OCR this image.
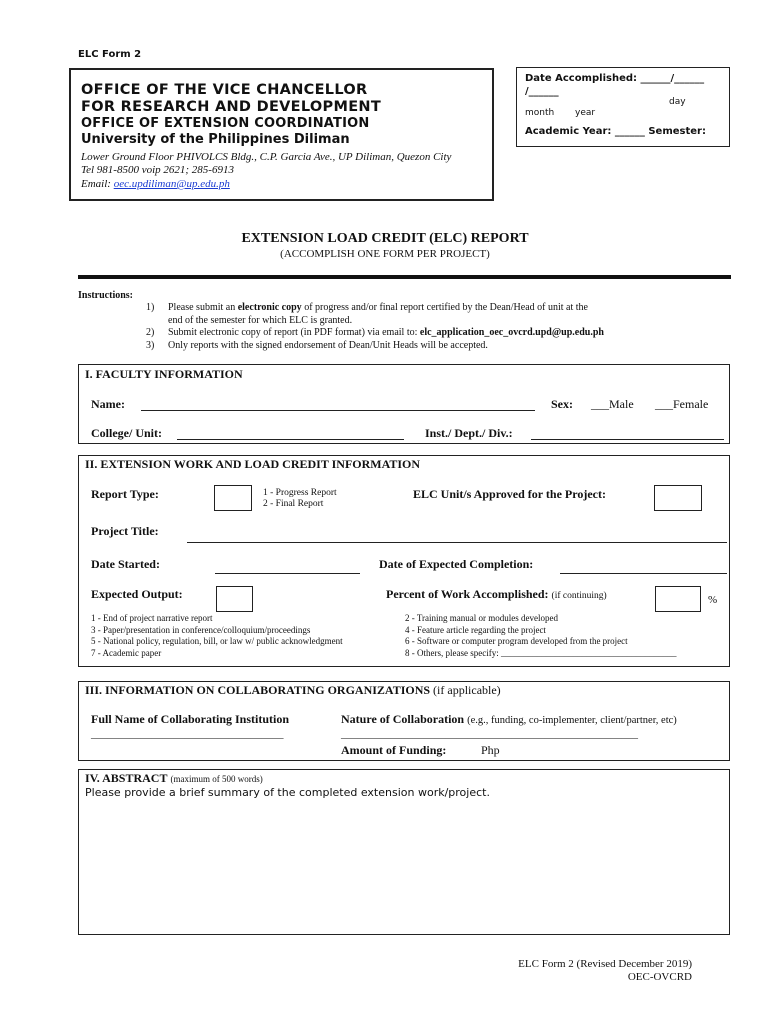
ELC Form 2
OFFICE OF THE VICE CHANCELLOR
FOR RESEARCH AND DEVELOPMENT
OFFICE OF EXTENSION COORDINATION
University of the Philippines Diliman
Lower Ground Floor PHIVOLCS Bldg., C.P. Garcia Ave., UP Diliman, Quezon City
Tel 981-8500 voip 2621; 285-6913
Email: oec.updiliman@up.edu.ph
Date Accomplished: ______/______
/______
day
month year
Academic Year: ______ Semester:
EXTENSION LOAD CREDIT (ELC) REPORT
(ACCOMPLISH ONE FORM PER PROJECT)
Instructions:
1)	Please submit an electronic copy of progress and/or final report certified by the Dean/Head of unit at the
end of the semester for which ELC is granted.
2)	Submit electronic copy of report (in PDF format) via email to: elc_application_oec_ovcrd.upd@up.edu.ph
3)	Only reports with the signed endorsement of Dean/Unit Heads will be accepted.
I. FACULTY INFORMATION
Name:	Sex: ___Male ___Female
College/ Unit:	Inst./ Dept./ Div.:
II. EXTENSION WORK AND LOAD CREDIT INFORMATION
Report Type:	1 - Progress Report
2 - Final Report
ELC Unit/s Approved for the Project:
Project Title:
Date Started:	Date of Expected Completion:
Expected Output:	Percent of Work Accomplished: (if continuing)	%
1 - End of project narrative report
3 - Paper/presentation in conference/colloquium/proceedings
5 - National policy, regulation, bill, or law w/ public acknowledgment
7 - Academic paper
2 - Training manual or modules developed
4 - Feature article regarding the project
6 - Software or computer program developed from the project
8 - Others, please specify: _______________________________________
III. INFORMATION ON COLLABORATING ORGANIZATIONS (if applicable)
Full Name of Collaborating Institution	Nature of Collaboration (e.g., funding, co-implementer, client/partner, etc)
___________________________________	______________________________________________________
Amount of Funding:	Php
IV. ABSTRACT (maximum of 500 words)
Please provide a brief summary of the completed extension work/project.
ELC Form 2 (Revised December 2019)
OEC-OVCRD
